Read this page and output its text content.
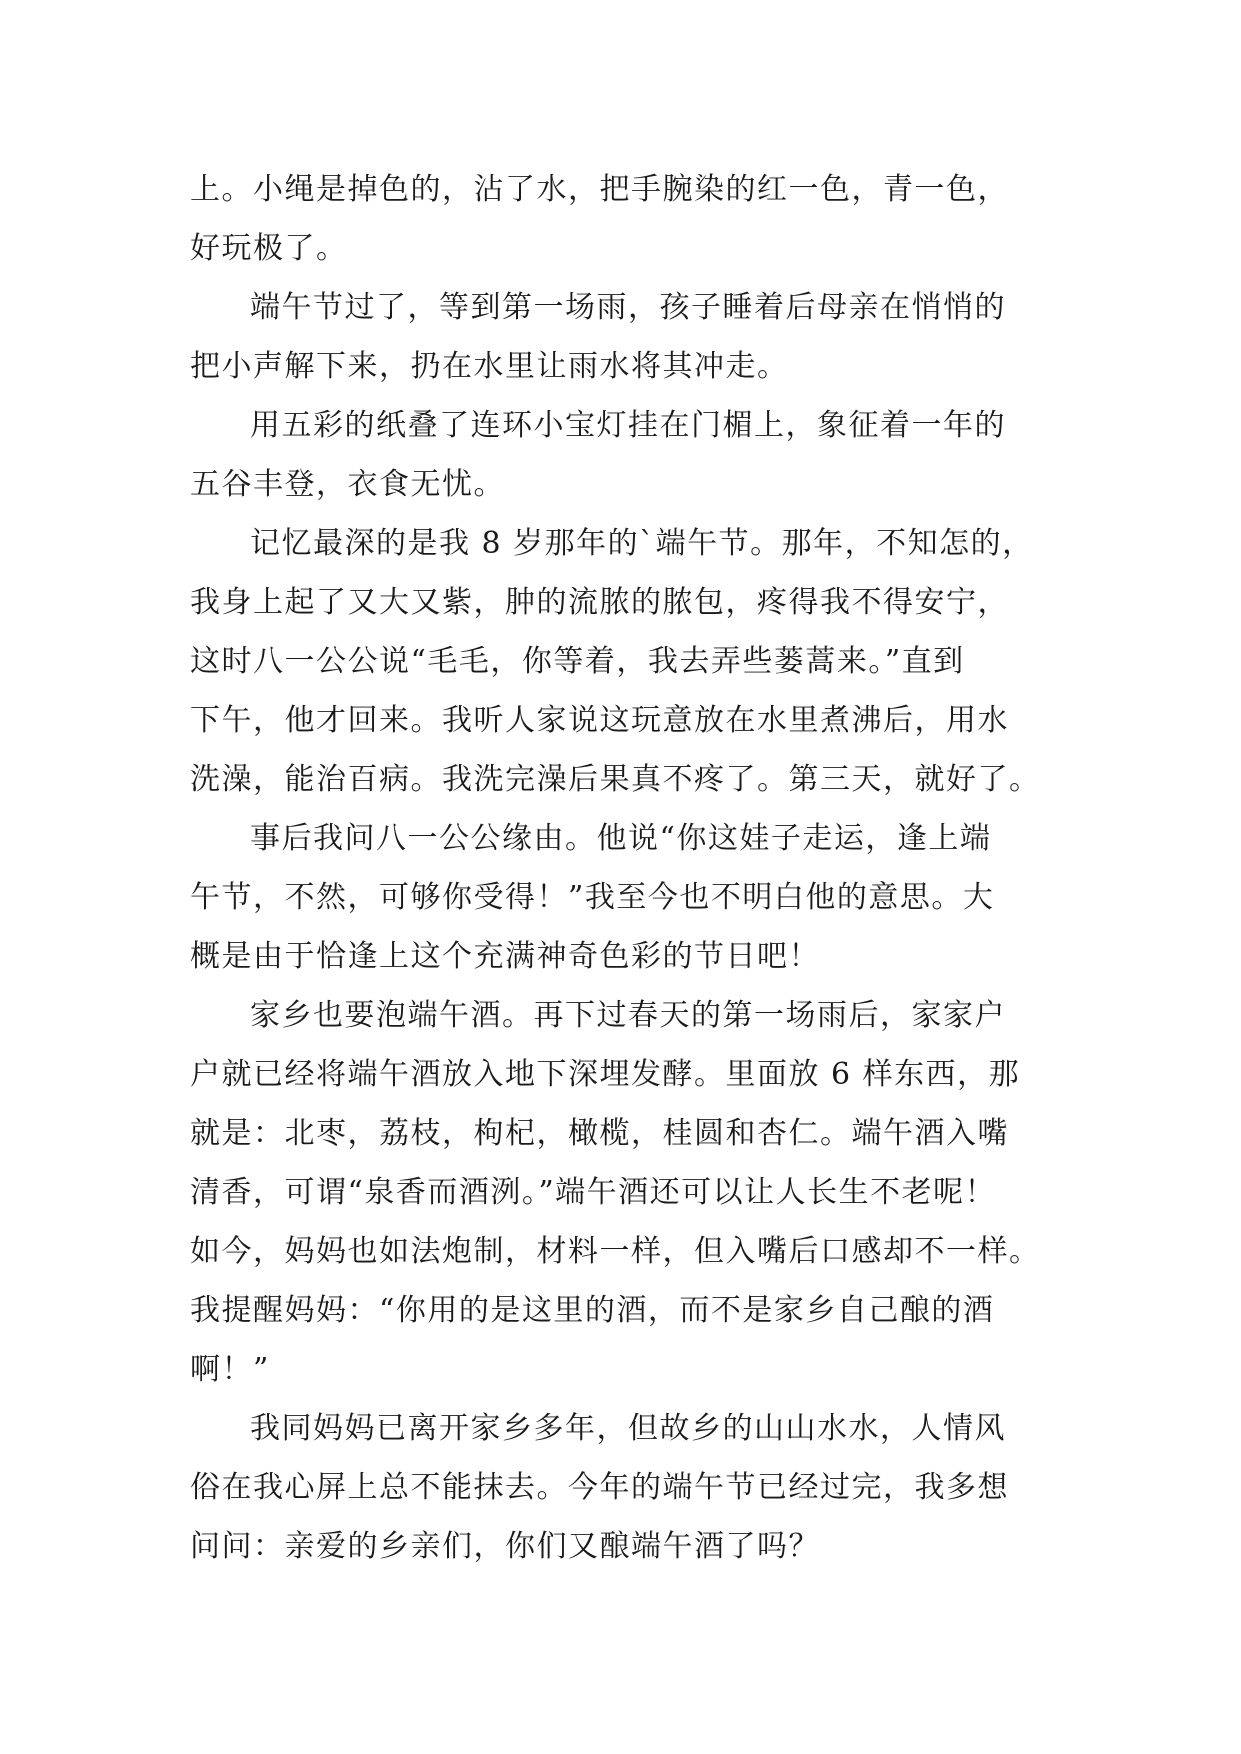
上。小绳是掉色的，沾了水，把手腕染的红一色，青一色，
好玩极了。
端午节过了，等到第一场雨，孩子睡着后母亲在悄悄的
把小声解下来，扔在水里让雨水将其冲走。
用五彩的纸叠了连环小宝灯挂在门楣上，象征着一年的
五谷丰登，衣食无忧。
记忆最深的是我 8 岁那年的`端午节。那年，不知怎的，
我身上起了又大又紫，肿的流脓的脓包，疼得我不得安宁，
这时八一公公说“毛毛，你等着，我去弄些蒌蒿来。”直到
下午，他才回来。我听人家说这玩意放在水里煮沸后，用水
洗澡，能治百病。我洗完澡后果真不疼了。第三天，就好了。
事后我问八一公公缘由。他说“你这娃子走运，逢上端
午节，不然，可够你受得！”我至今也不明白他的意思。大
概是由于恰逢上这个充满神奇色彩的节日吧！
家乡也要泡端午酒。再下过春天的第一场雨后，家家户
户就已经将端午酒放入地下深埋发酵。里面放 6 样东西，那
就是：北枣，荔枝，枸杞，橄榄，桂圆和杏仁。端午酒入嘴
清香，可谓“泉香而酒洌。”端午酒还可以让人长生不老呢！
如今，妈妈也如法炮制，材料一样，但入嘴后口感却不一样。
我提醒妈妈：“你用的是这里的酒，而不是家乡自己酿的酒
啊！”
我同妈妈已离开家乡多年，但故乡的山山水水，人情风
俗在我心屏上总不能抹去。今年的端午节已经过完，我多想
问问：亲爱的乡亲们，你们又酿端午酒了吗？
